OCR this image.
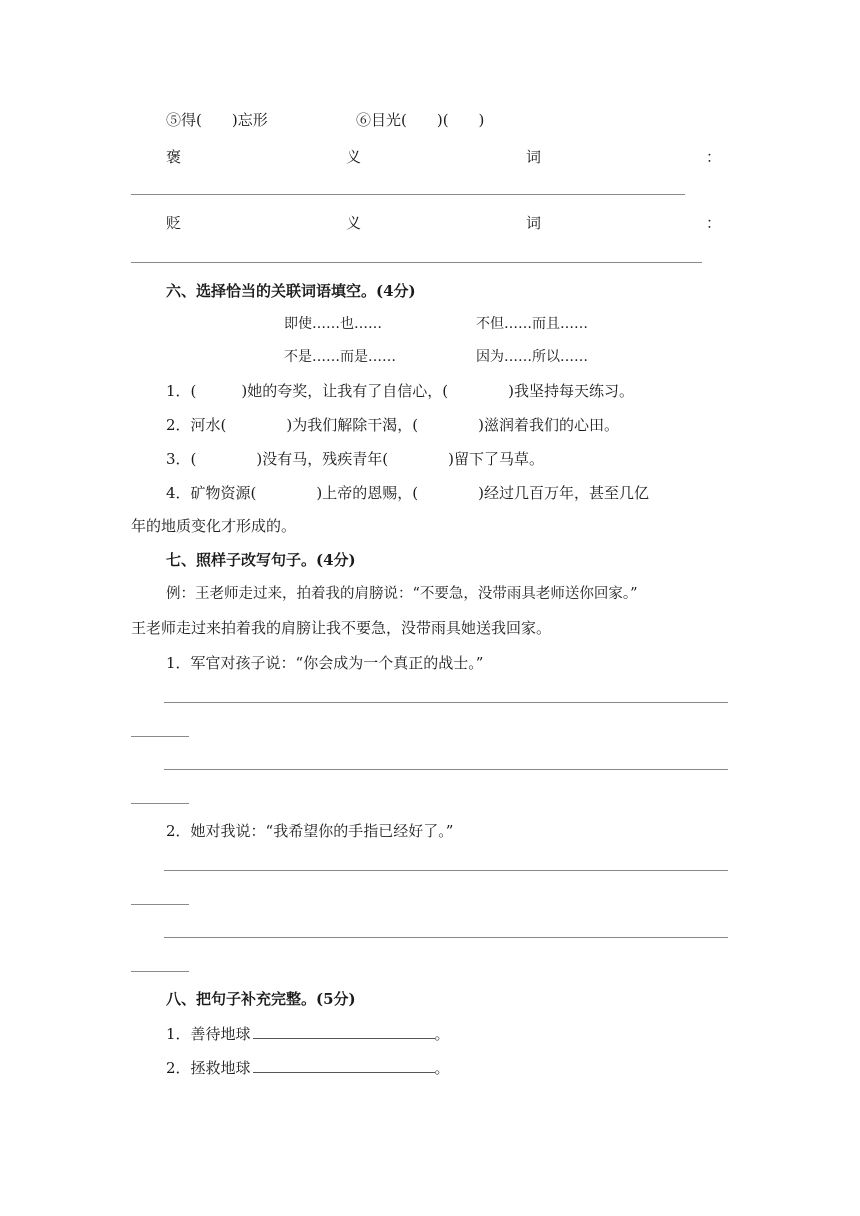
⑤得(　　)忘形	⑥目光(　　)(　　)
褒	义	词	：
贬	义	词	：
六、选择恰当的关联词语填空。(4分)
即使……也……	不但……而且……
不是……而是……	因为……所以……
1．(　　　)她的夸奖，让我有了自信心，(　　　　)我坚持每天练习。
2．河水(　　　　)为我们解除干渴，(　　　　)滋润着我们的心田。
3．(　　　　)没有马，残疾青年(　　　　)留下了马草。
4．矿物资源(　　　　)上帝的恩赐，(　　　　)经过几百万年，甚至几亿
年的地质变化才形成的。
七、照样子改写句子。(4分)
例：王老师走过来，拍着我的肩膀说：“不要急，没带雨具老师送你回家。”
王老师走过来拍着我的肩膀让我不要急，没带雨具她送我回家。
1．军官对孩子说：“你会成为一个真正的战士。”
2．她对我说：“我希望你的手指已经好了。”
八、把句子补充完整。(5分)
1．善待地球	。
2．拯救地球	。
